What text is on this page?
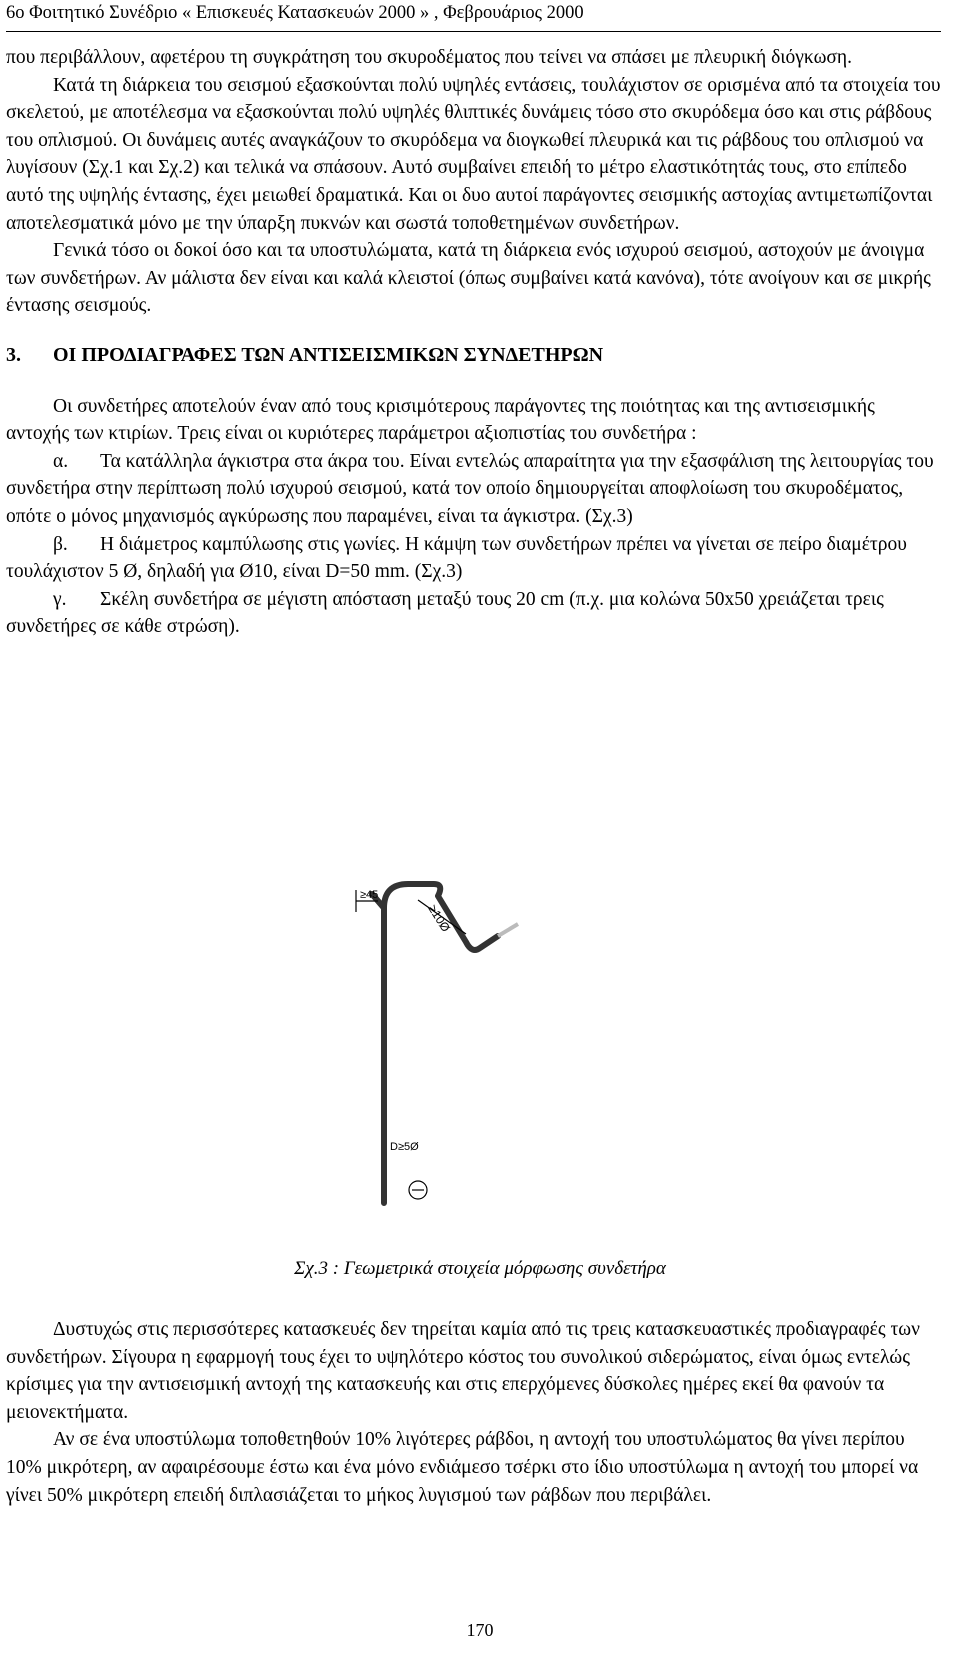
6ο Φοιτητικό Συνέδριο « Επισκευές Κατασκευών 2000 » , Φεβρουάριος 2000

που περιβάλλουν, αφετέρου τη συγκράτηση του σκυροδέματος που τείνει να σπάσει με πλευρική διόγκωση.

Κατά τη διάρκεια του σεισμού εξασκούνται πολύ υψηλές εντάσεις, τουλάχιστον σε ορισμένα από τα στοιχεία του σκελετού, με αποτέλεσμα να εξασκούνται πολύ υψηλές θλιπτικές δυνάμεις τόσο στο σκυρόδεμα όσο και στις ράβδους του οπλισμού. Οι δυνάμεις αυτές αναγκάζουν το σκυρόδεμα να διογκωθεί πλευρικά και τις ράβδους του οπλισμού να λυγίσουν (Σχ.1 και Σχ.2) και τελικά να σπάσουν. Αυτό συμβαίνει επειδή το μέτρο ελαστικότητάς τους, στο επίπεδο αυτό της υψηλής έντασης, έχει μειωθεί δραματικά. Και οι δυο αυτοί παράγοντες σεισμικής αστοχίας αντιμετωπίζονται αποτελεσματικά μόνο με την ύπαρξη πυκνών και σωστά τοποθετημένων συνδετήρων.

Γενικά τόσο οι δοκοί όσο και τα υποστυλώματα, κατά τη διάρκεια ενός ισχυρού σεισμού, αστοχούν με άνοιγμα των συνδετήρων. Αν μάλιστα δεν είναι και καλά κλειστοί (όπως συμβαίνει κατά κανόνα), τότε ανοίγουν και σε μικρής έντασης σεισμούς.

3. ΟΙ ΠΡΟΔΙΑΓΡΑΦΕΣ ΤΩΝ ΑΝΤΙΣΕΙΣΜΙΚΩΝ ΣΥΝΔΕΤΗΡΩΝ

Οι συνδετήρες αποτελούν έναν από τους κρισιμότερους παράγοντες της ποιότητας και της αντισεισμικής αντοχής των κτιρίων. Τρεις είναι οι κυριότερες παράμετροι αξιοπιστίας του συνδετήρα :

α. Τα κατάλληλα άγκιστρα στα άκρα του. Είναι εντελώς απαραίτητα για την εξασφάλιση της λειτουργίας του συνδετήρα στην περίπτωση πολύ ισχυρού σεισμού, κατά τον οποίο δημιουργείται αποφλοίωση του σκυροδέματος, οπότε ο μόνος μηχανισμός αγκύρωσης που παραμένει, είναι τα άγκιστρα. (Σχ.3)

β. Η διάμετρος καμπύλωσης στις γωνίες. Η κάμψη των συνδετήρων πρέπει να γίνεται σε πείρο διαμέτρου τουλάχιστον 5 Ø, δηλαδή για Ø10, είναι D=50 mm. (Σχ.3)

γ. Σκέλη συνδετήρα σε μέγιστη απόσταση μεταξύ τους 20 cm (π.χ. μια κολώνα 50x50 χρειάζεται τρεις συνδετήρες σε κάθε στρώση).

≥45
≥10Ø
D≥5Ø
Σχ.3 : Γεωμετρικά στοιχεία μόρφωσης συνδετήρα

Δυστυχώς στις περισσότερες κατασκευές δεν τηρείται καμία από τις τρεις κατασκευαστικές προδιαγραφές των συνδετήρων. Σίγουρα η εφαρμογή τους έχει το υψηλότερο κόστος του συνολικού σιδερώματος, είναι όμως εντελώς κρίσιμες για την αντισεισμική αντοχή της κατασκευής και στις επερχόμενες δύσκολες ημέρες εκεί θα φανούν τα μειονεκτήματα.

Αν σε ένα υποστύλωμα τοποθετηθούν 10% λιγότερες ράβδοι, η αντοχή του υποστυλώματος θα γίνει περίπου 10% μικρότερη, αν αφαιρέσουμε έστω και ένα μόνο ενδιάμεσο τσέρκι στο ίδιο υποστύλωμα η αντοχή του μπορεί να γίνει 50% μικρότερη επειδή διπλασιάζεται το μήκος λυγισμού των ράβδων που περιβάλει.

170
